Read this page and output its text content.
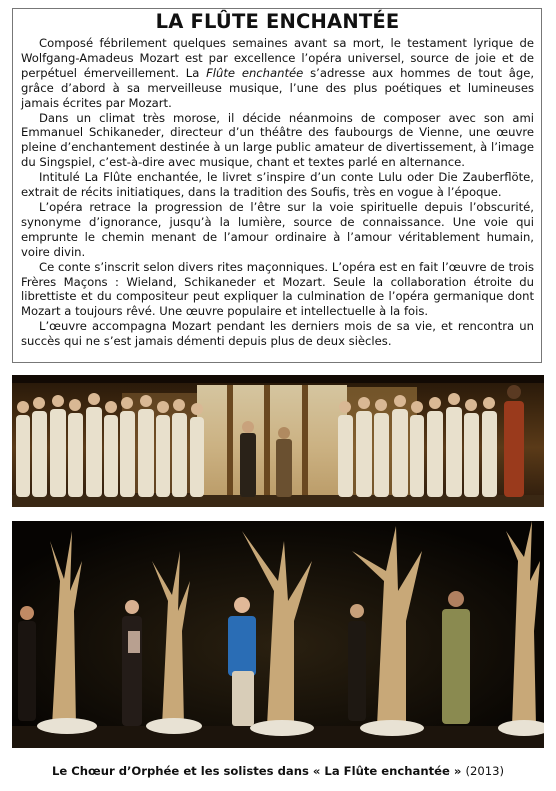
LA FLÛTE ENCHANTÉE

Composé fébrilement quelques semaines avant sa mort, le testament lyrique de Wolfgang-Amadeus Mozart est par excellence l’opéra universel, source de joie et de perpétuel émerveillement. La Flûte enchantée s’adresse aux hommes de tout âge, grâce d’abord à sa merveilleuse musique, l’une des plus poétiques et lumineuses jamais écrites par Mozart.

Dans un climat très morose, il décide néanmoins de composer avec son ami Emmanuel Schikaneder, directeur d’un théâtre des faubourgs de Vienne, une œuvre pleine d’enchantement destinée à un large public amateur de divertissement, à l’image du Singspiel, c’est-à-dire avec musique, chant et textes parlé en alternance.

Intitulé La Flûte enchantée, le livret s’inspire d’un conte Lulu oder Die Zauberflöte, extrait de récits initiatiques, dans la tradition des Soufis, très en vogue à l’époque.

L’opéra retrace la progression de l’être sur la voie spirituelle depuis l’obscurité, synonyme d’ignorance, jusqu’à la lumière, source de connaissance. Une voie qui emprunte le chemin menant de l’amour ordinaire à l’amour véritablement humain, voire divin.

Ce conte s’inscrit selon divers rites maçonniques. L’opéra est en fait l’œuvre de trois Frères Maçons : Wieland, Schikaneder et Mozart. Seule la collaboration étroite du librettiste et du compositeur peut expliquer la culmination de l’opéra germanique dont Mozart a toujours rêvé. Une œuvre populaire et intellectuelle à la fois.

L’œuvre accompagna Mozart pendant les derniers mois de sa vie, et rencontra un succès qui ne s’est jamais démenti depuis plus de deux siècles.

Le Chœur d’Orphée et les solistes dans « La Flûte enchantée » (2013)
